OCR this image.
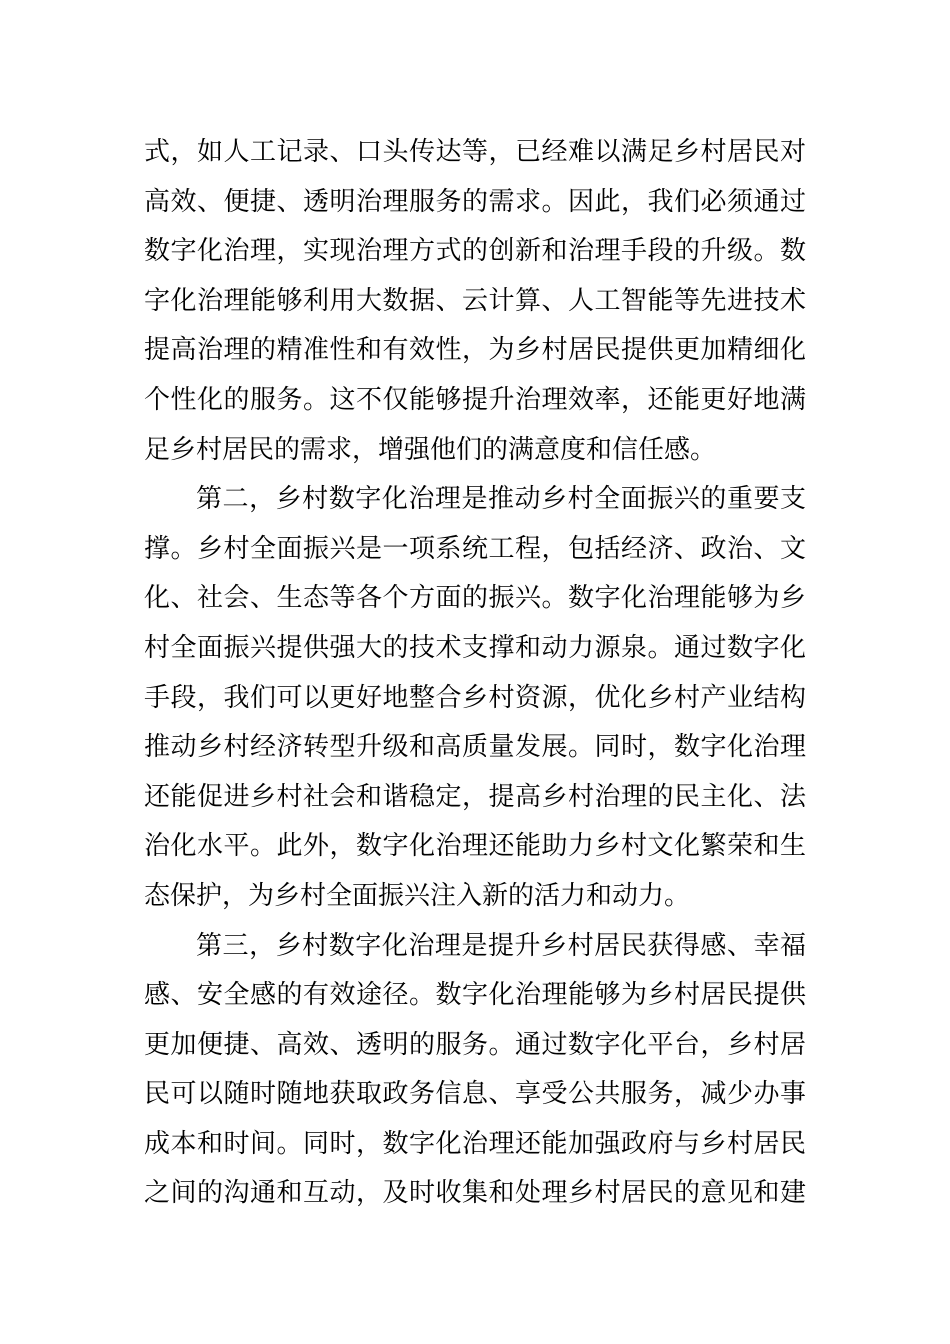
式，如人工记录、口头传达等，已经难以满足乡村居民对
高效、便捷、透明治理服务的需求。因此，我们必须通过
数字化治理，实现治理方式的创新和治理手段的升级。数
字化治理能够利用大数据、云计算、人工智能等先进技术
提高治理的精准性和有效性，为乡村居民提供更加精细化
个性化的服务。这不仅能够提升治理效率，还能更好地满
足乡村居民的需求，增强他们的满意度和信任感。
第二，乡村数字化治理是推动乡村全面振兴的重要支
撑。乡村全面振兴是一项系统工程，包括经济、政治、文
化、社会、生态等各个方面的振兴。数字化治理能够为乡
村全面振兴提供强大的技术支撑和动力源泉。通过数字化
手段，我们可以更好地整合乡村资源，优化乡村产业结构
推动乡村经济转型升级和高质量发展。同时，数字化治理
还能促进乡村社会和谐稳定，提高乡村治理的民主化、法
治化水平。此外，数字化治理还能助力乡村文化繁荣和生
态保护，为乡村全面振兴注入新的活力和动力。
第三，乡村数字化治理是提升乡村居民获得感、幸福
感、安全感的有效途径。数字化治理能够为乡村居民提供
更加便捷、高效、透明的服务。通过数字化平台，乡村居
民可以随时随地获取政务信息、享受公共服务，减少办事
成本和时间。同时，数字化治理还能加强政府与乡村居民
之间的沟通和互动，及时收集和处理乡村居民的意见和建
